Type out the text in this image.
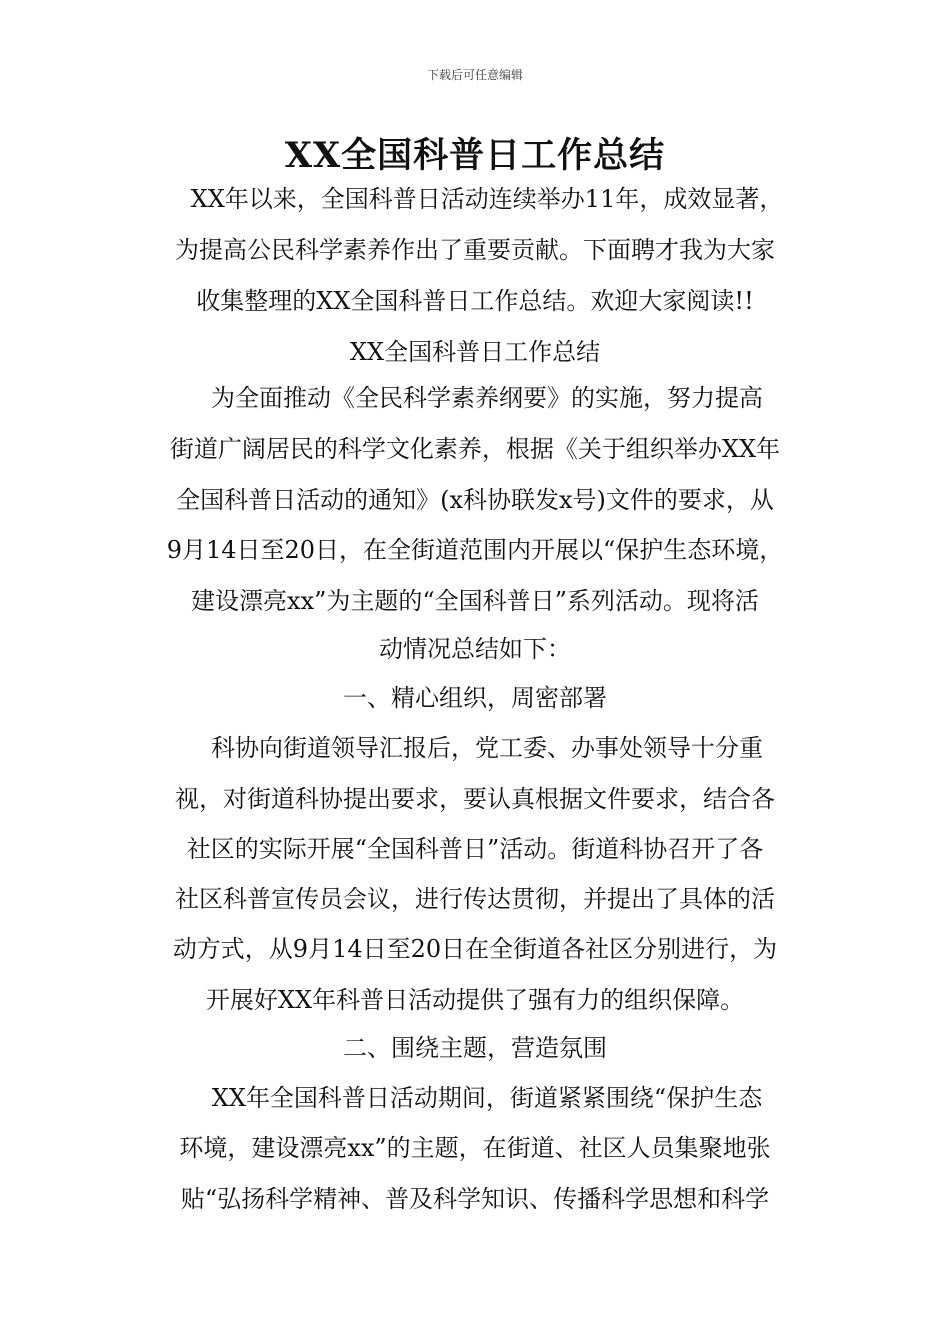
下载后可任意编辑
XX全国科普日工作总结
XX年以来，全国科普日活动连续举办11年，成效显著，
为提高公民科学素养作出了重要贡献。下面聘才我为大家
收集整理的XX全国科普日工作总结。欢迎大家阅读!!
XX全国科普日工作总结
为全面推动《全民科学素养纲要》的实施，努力提高
街道广阔居民的科学文化素养，根据《关于组织举办XX年
全国科普日活动的通知》(x科协联发x号)文件的要求，从
9月14日至20日，在全街道范围内开展以“保护生态环境，
建设漂亮xx”为主题的“全国科普日”系列活动。现将活
动情况总结如下：
一、精心组织，周密部署
科协向街道领导汇报后，党工委、办事处领导十分重
视，对街道科协提出要求，要认真根据文件要求，结合各
社区的实际开展“全国科普日”活动。街道科协召开了各
社区科普宣传员会议，进行传达贯彻，并提出了具体的活
动方式，从9月14日至20日在全街道各社区分别进行，为
开展好XX年科普日活动提供了强有力的组织保障。
二、围绕主题，营造氛围
XX年全国科普日活动期间，街道紧紧围绕“保护生态
环境，建设漂亮xx”的主题，在街道、社区人员集聚地张
贴“弘扬科学精神、普及科学知识、传播科学思想和科学
